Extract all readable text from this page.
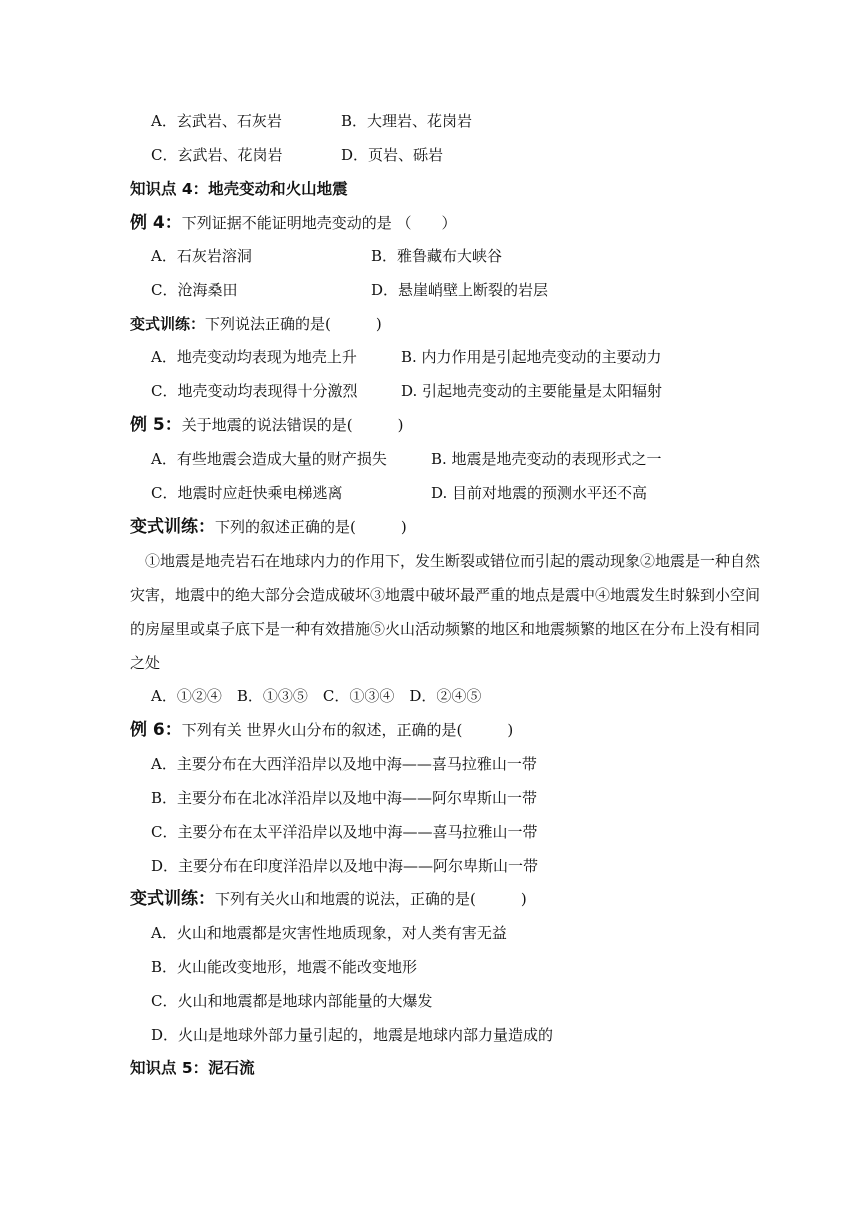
A．玄武岩、石灰岩	B．大理岩、花岗岩
C．玄武岩、花岗岩	D．页岩、砾岩
知识点 4：地壳变动和火山地震
例 4：下列证据不能证明地壳变动的是 （　　）
A．石灰岩溶洞	B．雅鲁藏布大峡谷
C．沧海桑田	D．悬崖峭壁上断裂的岩层
变式训练：下列说法正确的是(　　　)
A．地壳变动均表现为地壳上升	B. 内力作用是引起地壳变动的主要动力
C．地壳变动均表现得十分激烈	D. 引起地壳变动的主要能量是太阳辐射
例 5：关于地震的说法错误的是(　　　)
A．有些地震会造成大量的财产损失	B. 地震是地壳变动的表现形式之一
C．地震时应赶快乘电梯逃离	D. 目前对地震的预测水平还不高
变式训练：下列的叙述正确的是(　　　)
①地震是地壳岩石在地球内力的作用下，发生断裂或错位而引起的震动现象②地震是一种自然灾害，地震中的绝大部分会造成破坏③地震中破坏最严重的地点是震中④地震发生时躲到小空间的房屋里或桌子底下是一种有效措施⑤火山活动频繁的地区和地震频繁的地区在分布上没有相同之处
A．①②④　B．①③⑤　C．①③④　D．②④⑤
例 6：下列有关 世界火山分布的叙述，正确的是(　　　)
A．主要分布在大西洋沿岸以及地中海——喜马拉雅山一带
B．主要分布在北冰洋沿岸以及地中海——阿尔卑斯山一带
C．主要分布在太平洋沿岸以及地中海——喜马拉雅山一带
D．主要分布在印度洋沿岸以及地中海——阿尔卑斯山一带
变式训练：下列有关火山和地震的说法，正确的是(　　　)
A．火山和地震都是灾害性地质现象，对人类有害无益
B．火山能改变地形，地震不能改变地形
C．火山和地震都是地球内部能量的大爆发
D．火山是地球外部力量引起的，地震是地球内部力量造成的
知识点 5：泥石流
